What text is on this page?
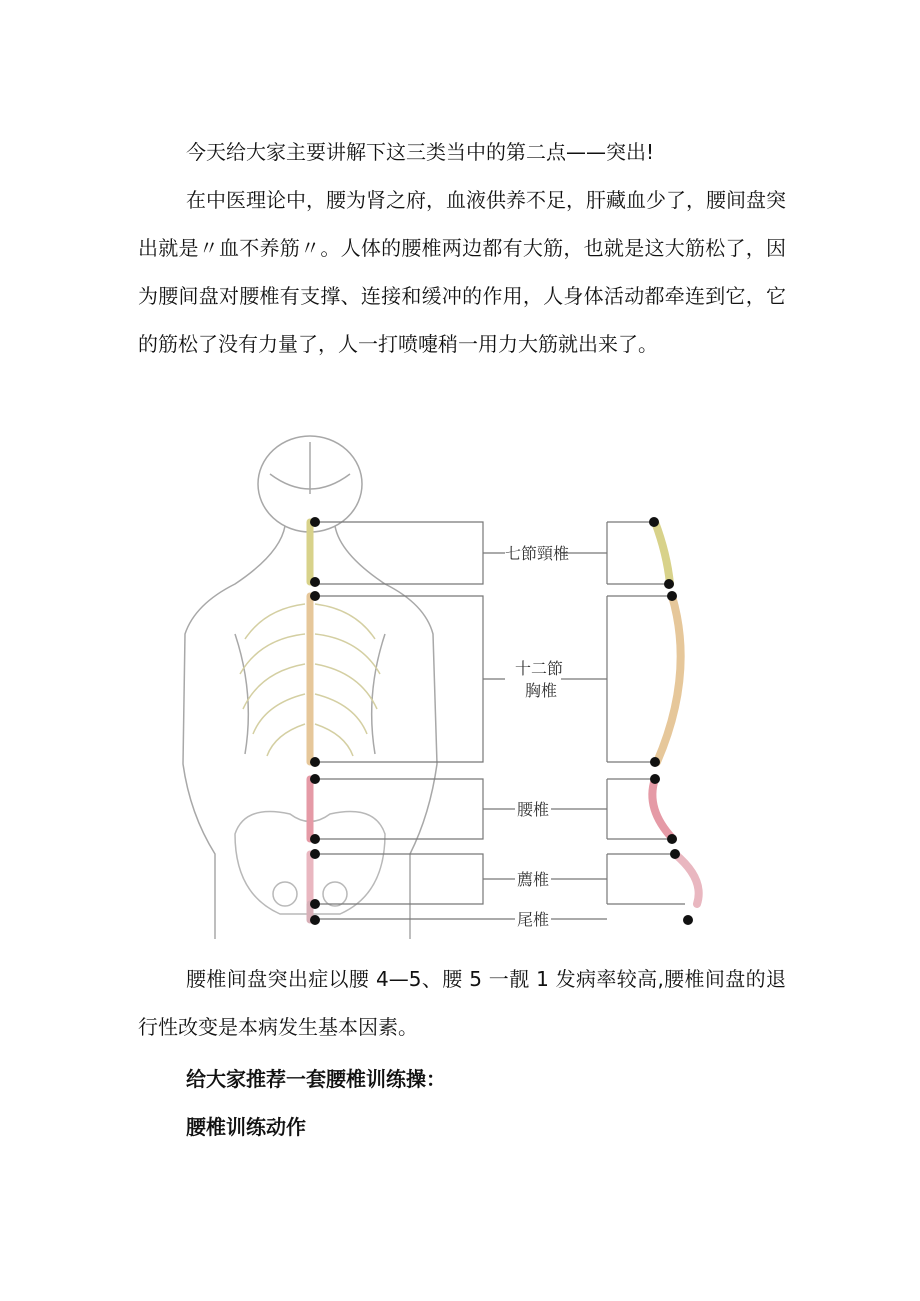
今天给大家主要讲解下这三类当中的第二点——突出!

在中医理论中，腰为肾之府，血液供养不足，肝藏血少了，腰间盘突出就是〃血不养筋〃。人体的腰椎两边都有大筋，也就是这大筋松了，因为腰间盘对腰椎有支撑、连接和缓冲的作用，人身体活动都牵连到它，它的筋松了没有力量了，人一打喷嚏稍一用力大筋就出来了。

七節頸椎
十二節
胸椎
腰椎
薦椎
尾椎

腰椎间盘突出症以腰 4—5、腰 5 一靓 1 发病率较高,腰椎间盘的退行性改变是本病发生基本因素。

给大家推荐一套腰椎训练操：

腰椎训练动作
